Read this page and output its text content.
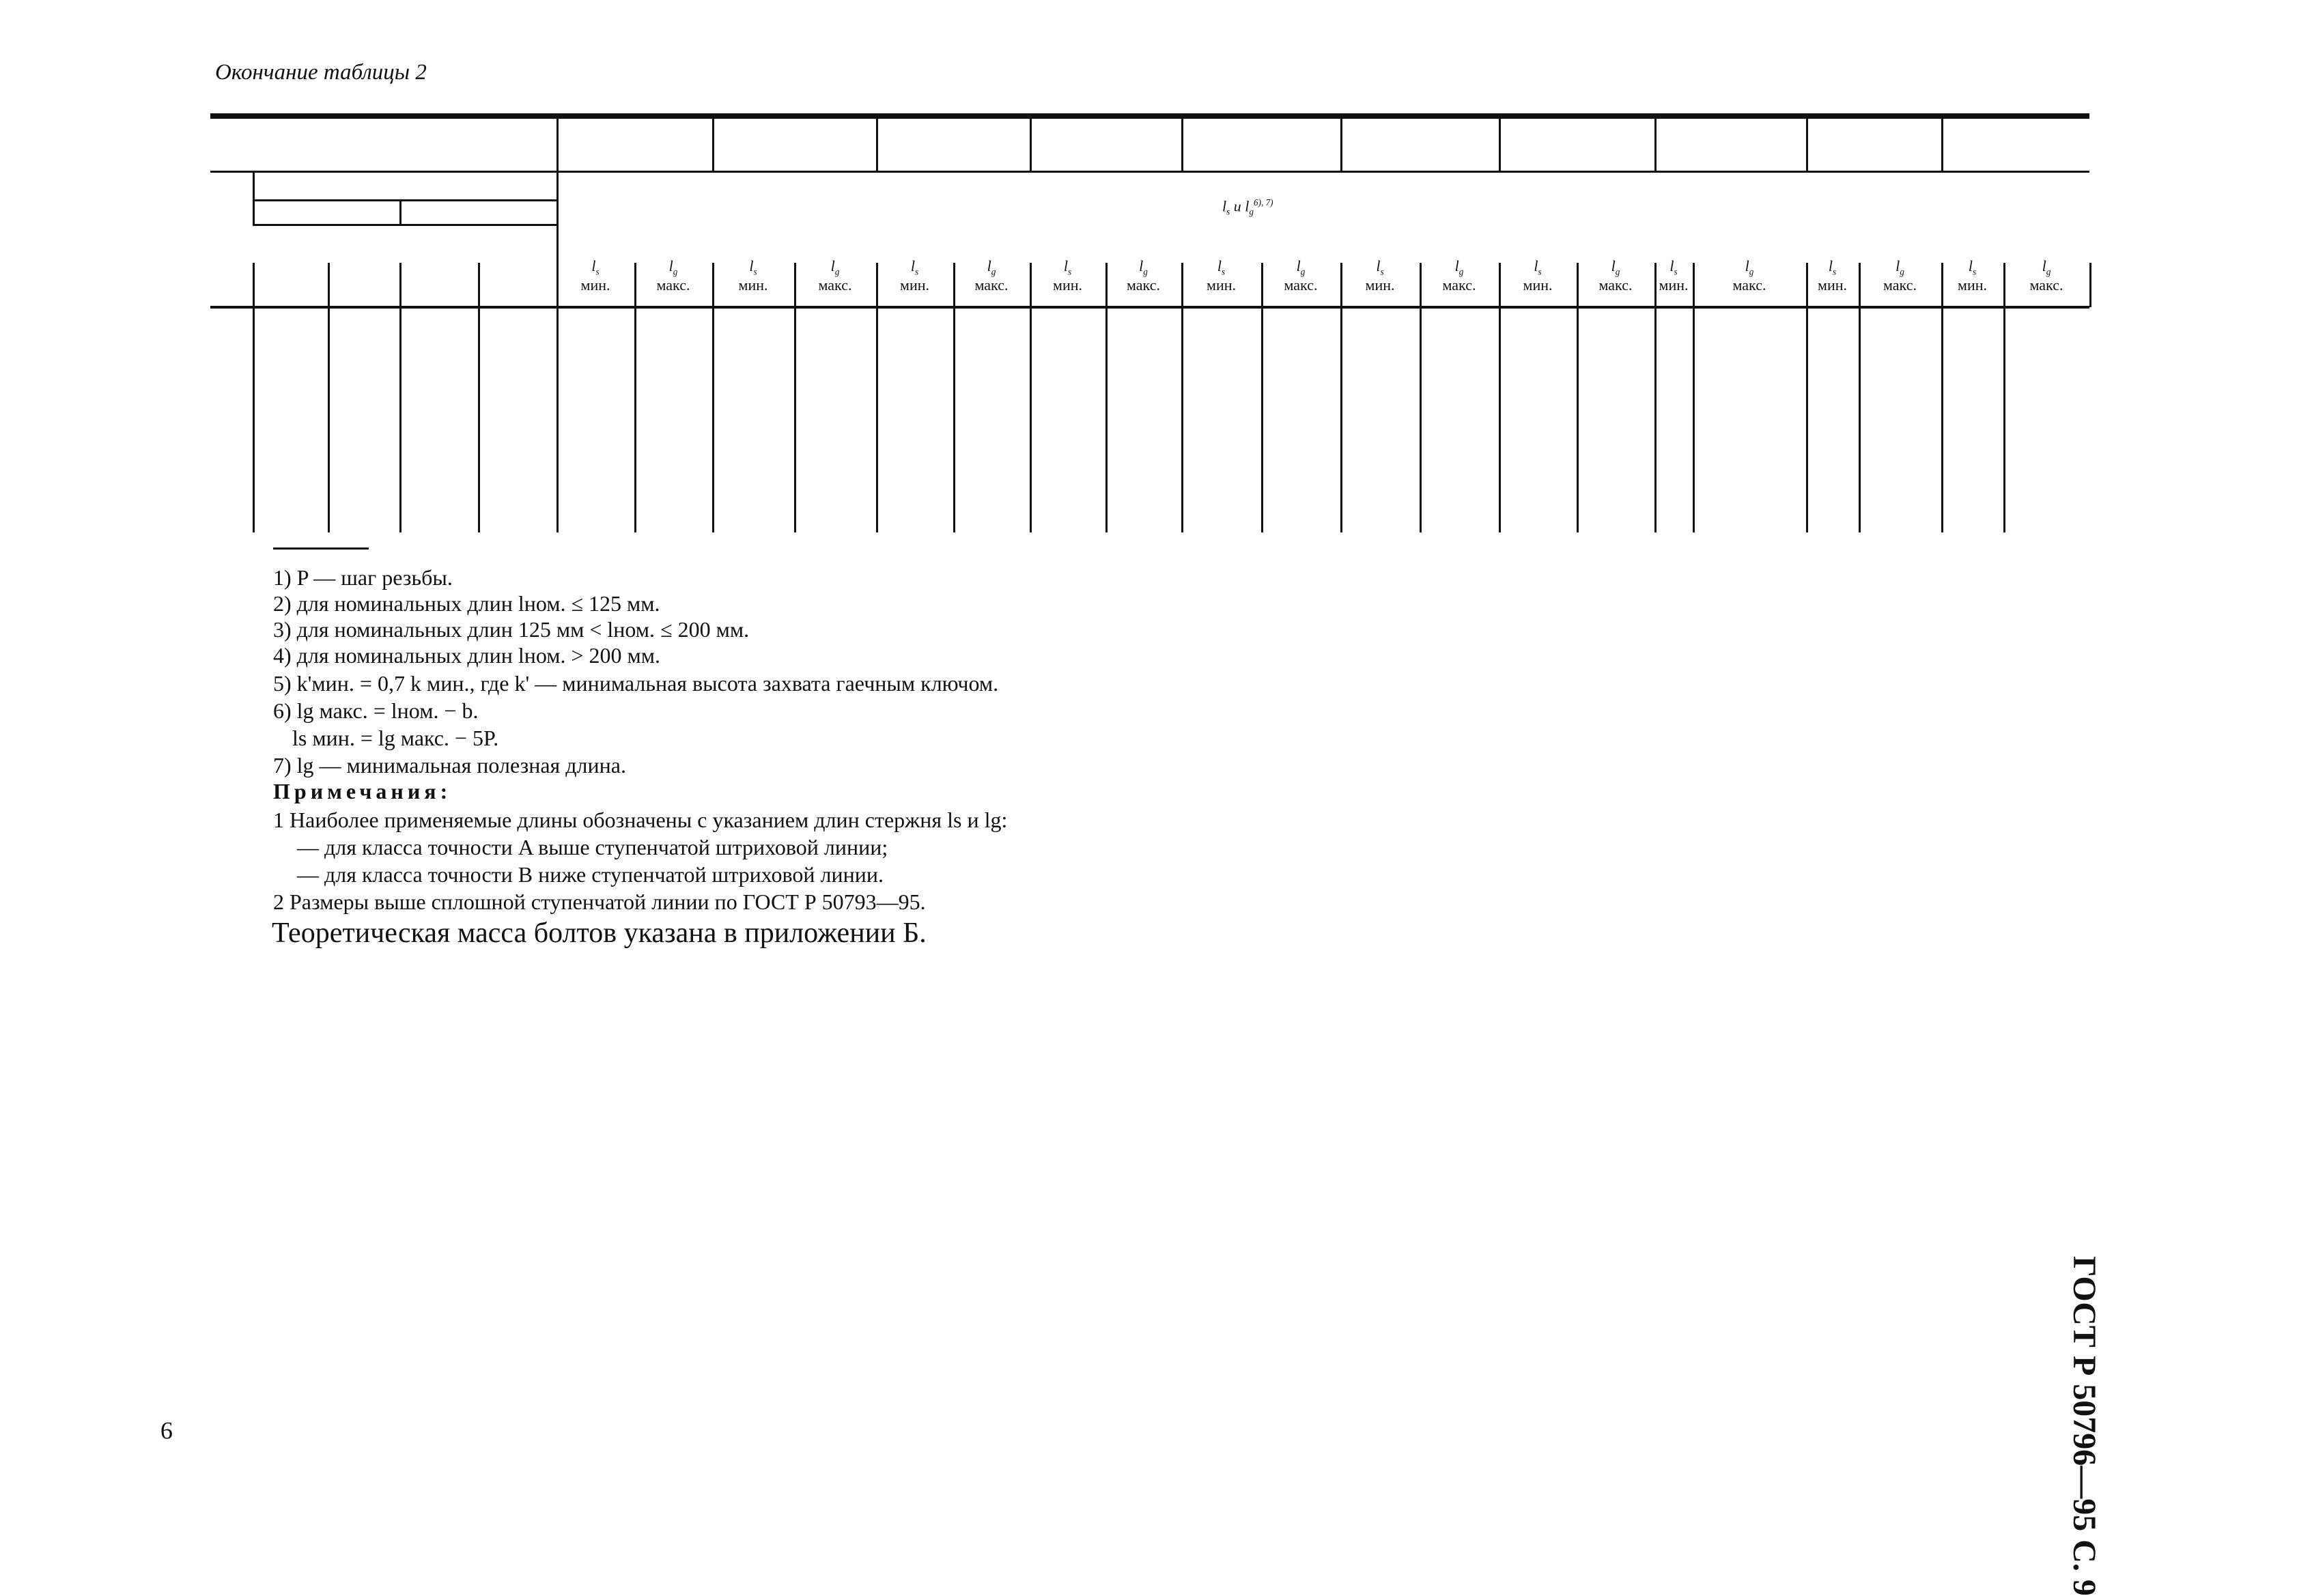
Окончание таблицы 2
$l_s$ и $l_g^{6), 7)}$
$l_s$
мин.
$l_g$
макс.
$l_s$
мин.
$l_g$
макс.
$l_s$
мин.
$l_g$
макс.
$l_s$
мин.
$l_g$
макс.
$l_s$
мин.
$l_g$
макс.
$l_s$
мин.
$l_g$
макс.
$l_s$
мин.
$l_g$
макс.
$l_s$
мин.
$l_g$
макс.
$l_s$
мин.
$l_g$
макс.
$l_s$
мин.
$l_g$
макс.
1) P — шаг резьбы.
2) для номинальных длин lном. ≤ 125 мм.
3) для номинальных длин 125 мм < lном. ≤ 200 мм.
4) для номинальных длин lном. > 200 мм.
5) k'мин. = 0,7 k мин., где k' — минимальная высота захвата гаечным ключом.
6) lg макс. = lном. − b.
ls мин. = lg макс. − 5P.
7) lg — минимальная полезная длина.
Примечания:
1 Наиболее применяемые длины обозначены с указанием длин стержня ls и lg:
— для класса точности A выше ступенчатой штриховой линии;
— для класса точности B ниже ступенчатой штриховой линии.
2 Размеры выше сплошной ступенчатой линии по ГОСТ Р 50793—95.
Теоретическая масса болтов указана в приложении Б.
ГОСТ Р 50796—95 С. 9
9
